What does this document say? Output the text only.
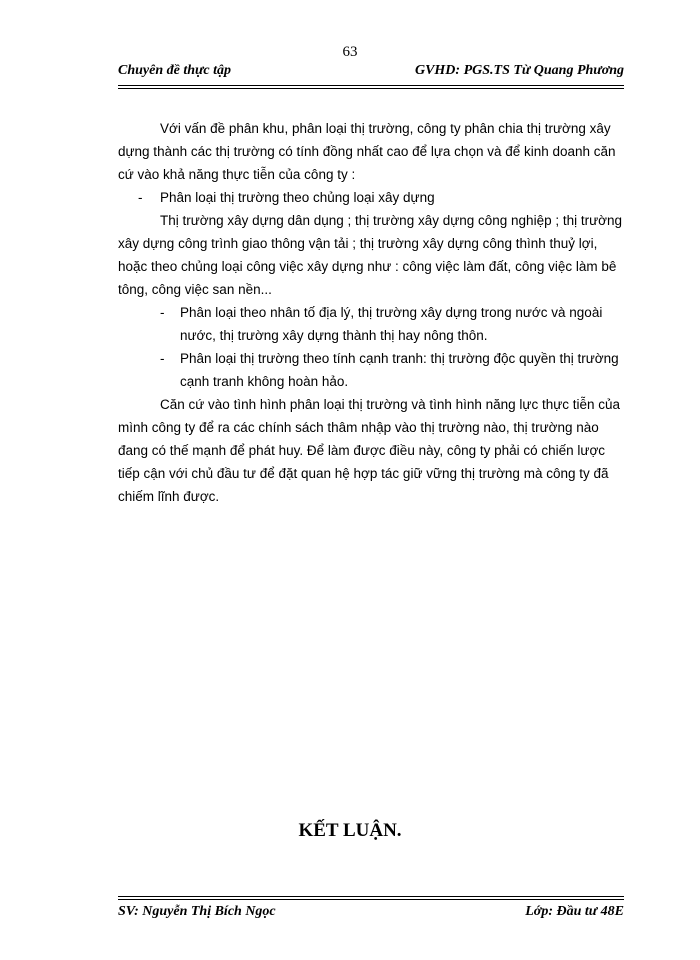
63
Chuyên đề thực tập	GVHD: PGS.TS Từ Quang Phương
Với vấn đề phân khu, phân loại thị trường, công ty phân chia thị trường xây
dựng thành các thị trường có tính đồng nhất cao để lựa chọn và để kinh doanh căn
cứ vào khả năng thực tiễn của công ty :
- Phân loại thị trường theo chủng loại xây dựng
Thị trường xây dựng dân dụng ; thị trường xây dựng công nghiệp ; thị trường
xây dựng công trình giao thông vận tải ; thị trường xây dựng công thình thuỷ lợi,
hoặc theo chủng loại công việc xây dựng như : công việc làm đất, công việc làm bê
tông, công việc san nền...
- Phân loại theo nhân tố địa lý, thị trường xây dựng trong nước và ngoài
nước, thị trường xây dựng thành thị hay nông thôn.
- Phân loại thị trường theo tính cạnh tranh: thị trường độc quyền thị trường
cạnh tranh không hoàn hảo.
Căn cứ vào tình hình phân loại thị trường và tình hình năng lực thực tiễn của
mình công ty để ra các chính sách thâm nhập vào thị trường nào, thị trường nào
đang có thế mạnh để phát huy. Để làm được điều này, công ty phải có chiến lược
tiếp cận với chủ đầu tư để đặt quan hệ hợp tác giữ vững thị trường mà công ty đã
chiếm lĩnh được.
KẾT LUẬN.
SV: Nguyễn Thị Bích Ngọc	Lớp: Đầu tư 48E
